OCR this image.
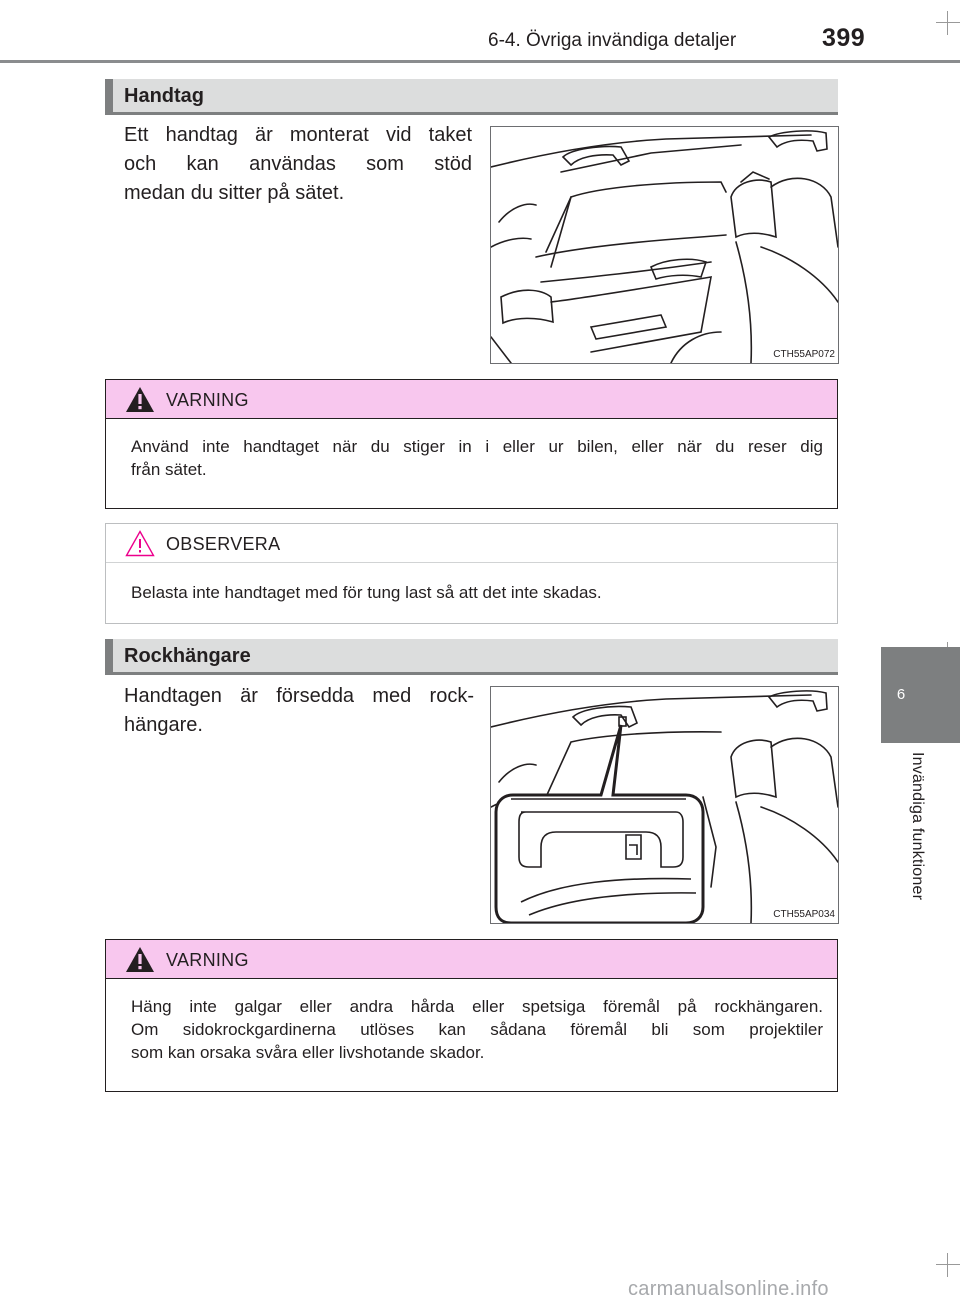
6-4. Övriga invändiga detaljer	399
6
Invändiga funktioner
Handtag
Ett handtag är monterat vid taket
och kan användas som stöd
medan du sitter på sätet.
CTH55AP072
VARNING
Använd inte handtaget när du stiger in i eller ur bilen, eller när du reser dig
från sätet.
OBSERVERA
Belasta inte handtaget med för tung last så att det inte skadas.
Rockhängare
Handtagen är försedda med rock-
hängare.
CTH55AP034
VARNING
Häng inte galgar eller andra hårda eller spetsiga föremål på rockhängaren.
Om sidokrockgardinerna utlöses kan sådana föremål bli som projektiler
som kan orsaka svåra eller livshotande skador.
carmanualsonline.info
